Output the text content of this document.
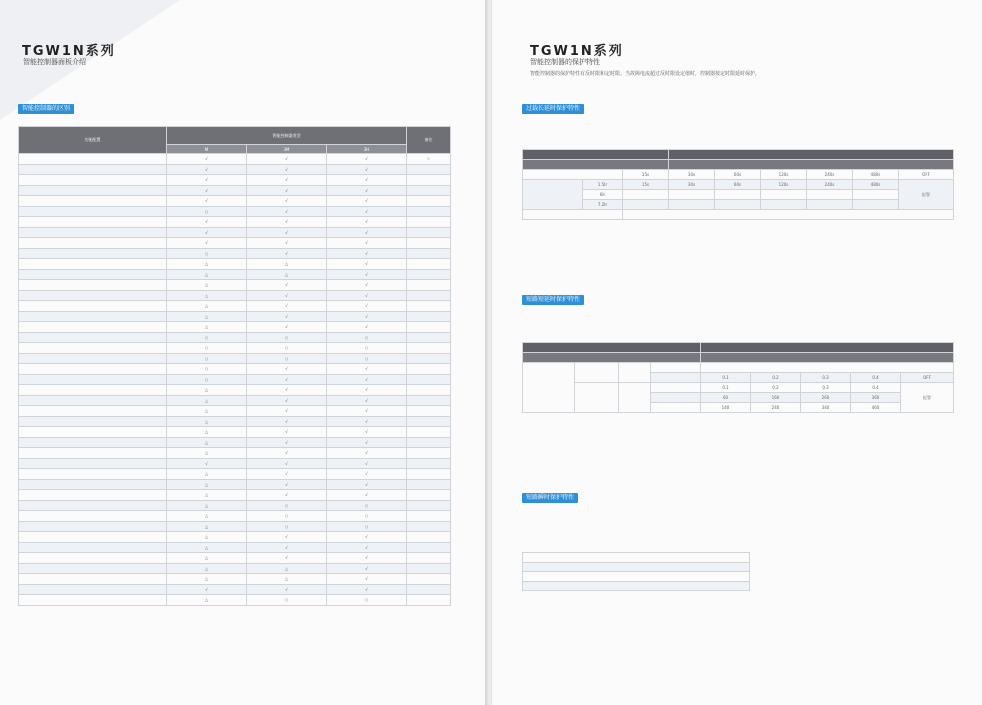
TGW1N系列
智能控制器面板介绍
智能控制器的区别
功能配置	智能控制器类型			备注
	M	3M	3H	
	√	√	√	☆
	√	√	√	
	√	√	√	
	√	√	√	
	√	√	√	
	○	√	√	
	√	√	√	
	√	√	√	
	√	√	√	
	○	√	√	
	△	△	√	
	△	△	√	
	△	√	√	
	△	√	√	
	△	√	√	
	△	√	√	
	△	√	√	
	○	○	○	
	○	○	○	
	○	○	○	
	○	√	√	
	○	√	√	
	△	√	√	
	△	√	√	
	△	√	√	
	△	√	√	
	△	√	√	
	△	√	√	
	△	√	√	
	√	√	√	
	△	√	√	
	△	√	√	
	△	√	√	
	△	○	○	
	△	○	○	
	△	○	○	
	△	√	√	
	△	√	√	
	△	√	√	
	△	△	√	
	△	△	√	
	√	√	√	
	△	○	○	
TGW1N系列
智能控制器的保护特性
智能控制器的保护特性有反时限和定时限。当故障电流超过反时限设定值时，控制器按定时限延时保护。
过载长延时保护特性
短路短延时保护特性
短路瞬时保护特性

		15s	30s	60s	120s	240s	480s	OFF
	1.5Ir	15s	30s	60s	120s	240s	480s	报警
	6Ir							
	7.2Ir							

				0.1	0.2	0.3	0.4	OFF
				0.1	0.2	0.3	0.4	报警
				60	160	260	360	
				140	240	340	460	
